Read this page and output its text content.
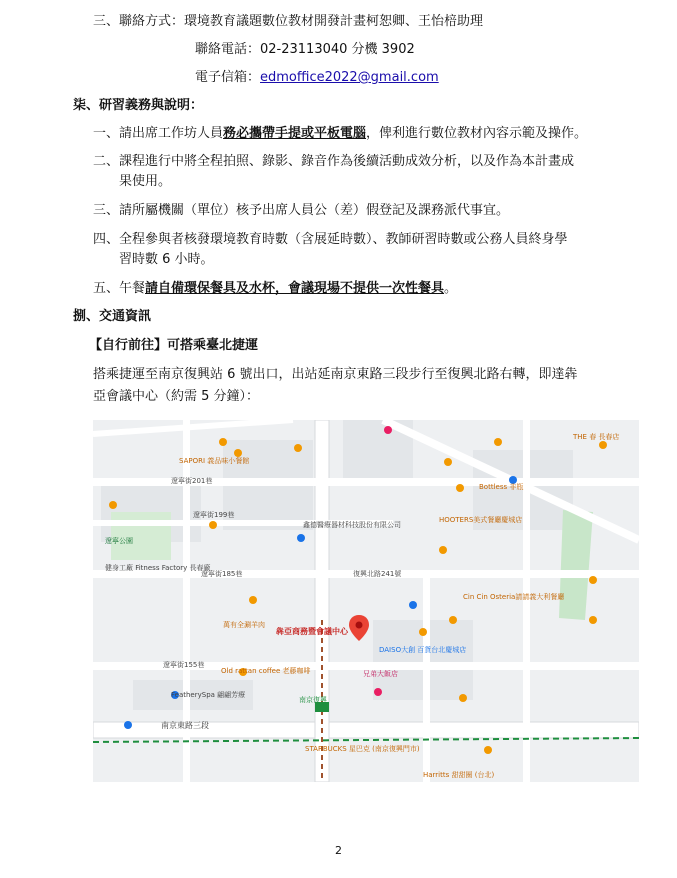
三、聯絡方式：環境教育議題數位教材開發計畫柯恕卿、王怡棓助理
聯絡電話：02-23113040 分機 3902
電子信箱：edmoffice2022@gmail.com
柒、研習義務與說明：
一、請出席工作坊人員務必攜帶手提或平板電腦，俾利進行數位教材內容示範及操作。
二、課程進行中將全程拍照、錄影、錄音作為後續活動成效分析，以及作為本計畫成
果使用。
三、請所屬機關（單位）核予出席人員公（差）假登記及課務派代事宜。
四、全程參與者核發環境教育時數（含展延時數）、教師研習時數或公務人員終身學
習時數 6 小時。
五、午餐請自備環保餐具及水杯，會議現場不提供一次性餐具。
捌、交通資訊
【自行前往】可搭乘臺北捷運
搭乘捷運至南京復興站 6 號出口，出站延南京東路三段步行至復興北路右轉，即達犇
亞會議中心（約需 5 分鐘）：
犇亞商務暨會議中心
南京東路三段
復興北路241號
遼寧街201巷
遼寧街199巷
遼寧街185巷
遼寧街155巷
南京復興
SAPORI 義品味小餐館
DAISO大創 百貨台北慶城店
STARBUCKS 星巴克 (南京復興門市)
HOOTERS美式餐廳慶城店
鑫德醫療器材科技股份有限公司
Harritts 甜甜圈 (台北)
FeatherySpa 翩翩芳療
Old rattan coffee 老藤咖啡
Bottless 非瓶
Cin Cin Osteria請請義大利餐廳
兄弟大飯店
THE 春 長春店
萬有全涮羊肉
健身工廠 Fitness Factory 長春廠
遼寧公園
2
